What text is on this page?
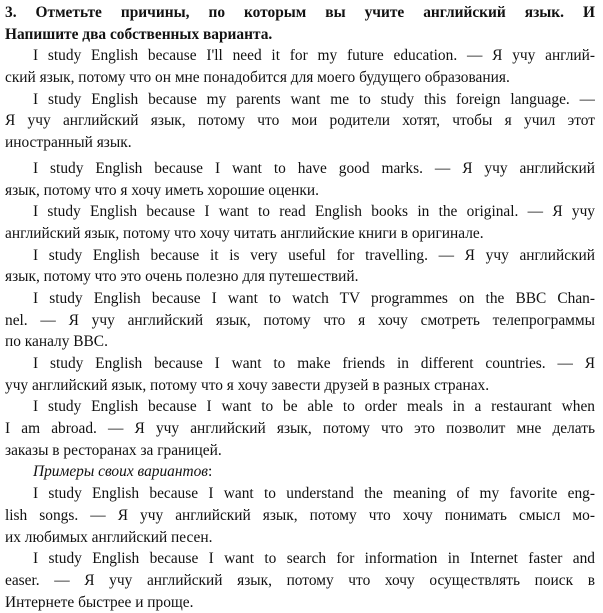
3. Отметьте причины, по которым вы учите английский язык. И
Напишите два собственных варианта.
I study English because I'll need it for my future education. — Я учу англий-
ский язык, потому что он мне понадобится для моего будущего образования.
I study English because my parents want me to study this foreign language. —
Я учу английский язык, потому что мои родители хотят, чтобы я учил этот
иностранный язык.
I study English because I want to have good marks. — Я учу английский
язык, потому что я хочу иметь хорошие оценки.
I study English because I want to read English books in the original. — Я учу
английский язык, потому что хочу читать английские книги в оригинале.
I study English because it is very useful for travelling. — Я учу английский
язык, потому что это очень полезно для путешествий.
I study English because I want to watch TV programmes on the BBC Chan-
nel. — Я учу английский язык, потому что я хочу смотреть телепрограммы
по каналу BBC.
I study English because I want to make friends in different countries. — Я
учу английский язык, потому что я хочу завести друзей в разных странах.
I study English because I want to be able to order meals in a restaurant when
I am abroad. — Я учу английский язык, потому что это позволит мне делать
заказы в ресторанах за границей.
Примеры своих вариантов:
I study English because I want to understand the meaning of my favorite eng-
lish songs. — Я учу английский язык, потому что хочу понимать смысл мо-
их любимых английский песен.
I study English because I want to search for information in Internet faster and
easer. — Я учу английский язык, потому что хочу осуществлять поиск в
Интернете быстрее и проще.
